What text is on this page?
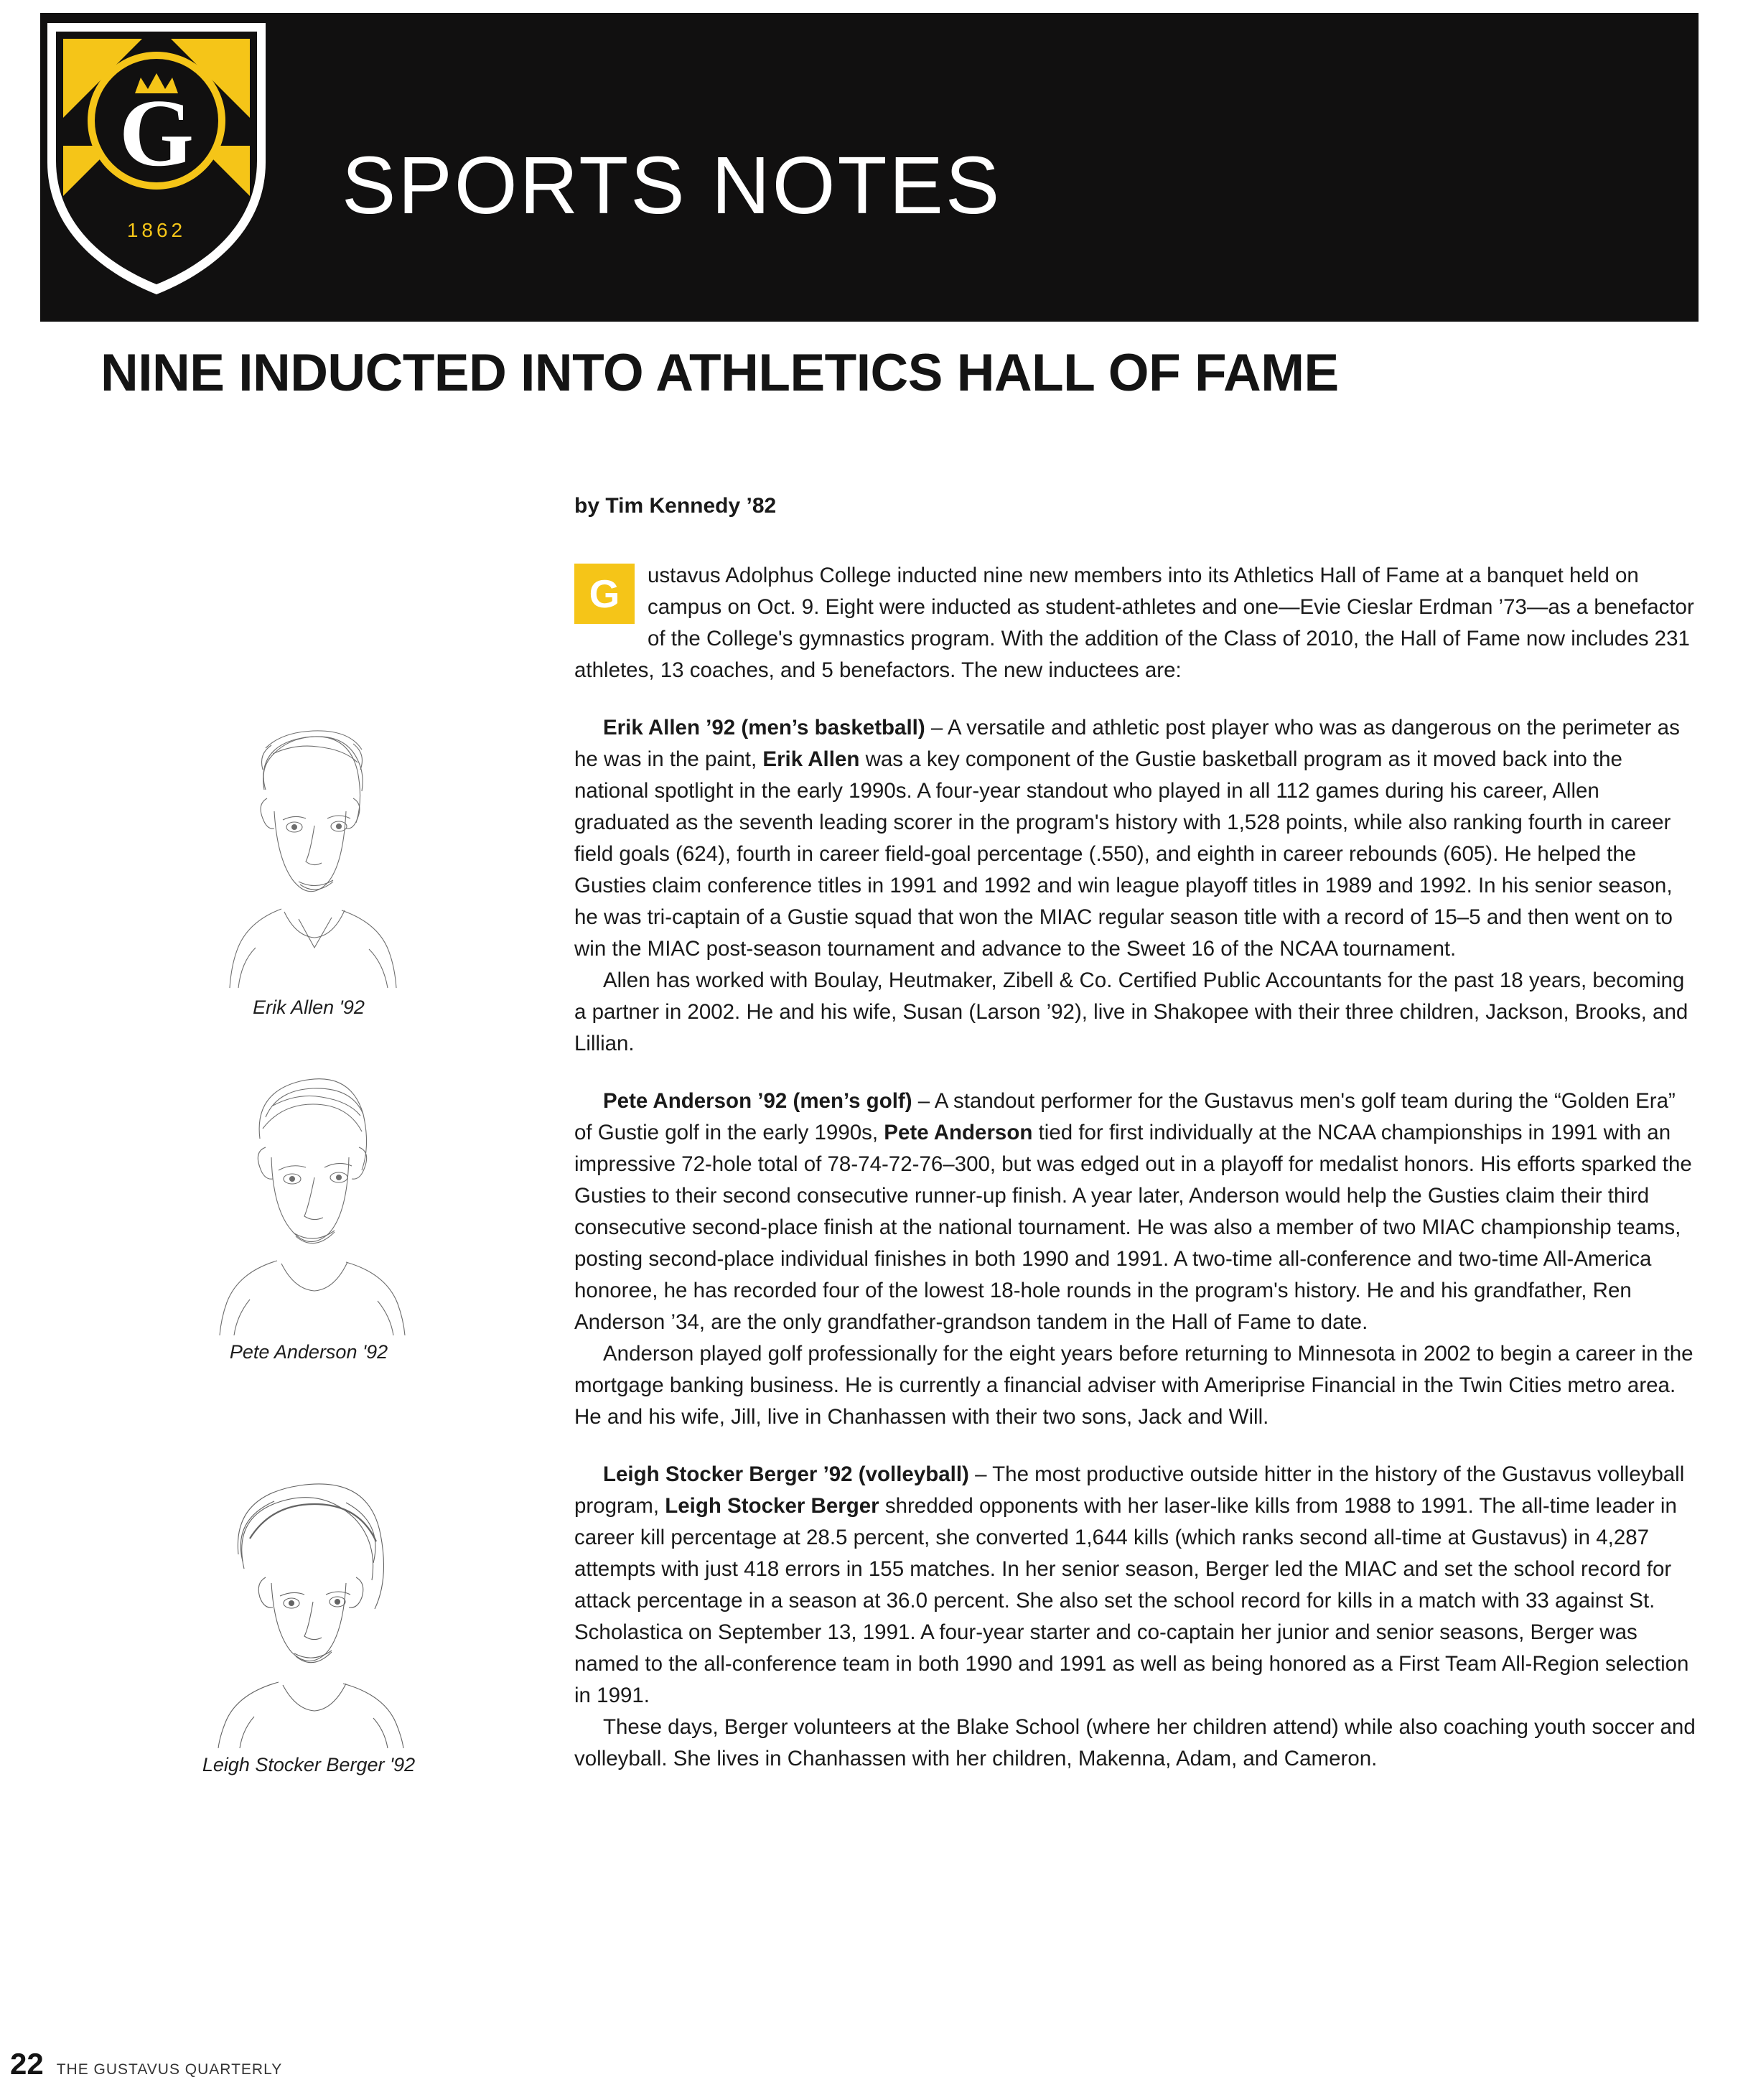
SPORTS NOTES
G
1862
NINE INDUCTED INTO ATHLETICS HALL OF FAME
by Tim Kennedy ’82
Erik Allen '92
Pete Anderson '92
Leigh Stocker Berger '92

G	ustavus Adolphus College inducted nine new members into its Athletics Hall of Fame at a banquet held on campus on Oct. 9. Eight were inducted as student-athletes and one—Evie Cieslar Erdman ’73—as a benefactor of the College's gymnastics program. With the addition of the Class of 2010, the Hall of Fame now includes 231 athletes, 13 coaches, and 5 benefactors. The new inductees are:

Erik Allen ’92 (men’s basketball) – A versatile and athletic post player who was as dangerous on the perimeter as he was in the paint, Erik Allen was a key component of the Gustie basketball program as it moved back into the national spotlight in the early 1990s. A four-year standout who played in all 112 games during his career, Allen graduated as the seventh leading scorer in the program's history with 1,528 points, while also ranking fourth in career field goals (624), fourth in career field-goal percentage (.550), and eighth in career rebounds (605). He helped the Gusties claim conference titles in 1991 and 1992 and win league playoff titles in 1989 and 1992. In his senior season, he was tri-captain of a Gustie squad that won the MIAC regular season title with a record of 15–5 and then went on to win the MIAC post-season tournament and advance to the Sweet 16 of the NCAA tournament.

Allen has worked with Boulay, Heutmaker, Zibell & Co. Certified Public Accountants for the past 18 years, becoming a partner in 2002. He and his wife, Susan (Larson ’92), live in Shakopee with their three children, Jackson, Brooks, and Lillian.

Pete Anderson ’92 (men’s golf) – A standout performer for the Gustavus men's golf team during the “Golden Era” of Gustie golf in the early 1990s, Pete Anderson tied for first individually at the NCAA championships in 1991 with an impressive 72-hole total of 78-74-72-76–300, but was edged out in a playoff for medalist honors. His efforts sparked the Gusties to their second consecutive runner-up finish. A year later, Anderson would help the Gusties claim their third consecutive second-place finish at the national tournament. He was also a member of two MIAC championship teams, posting second-place individual finishes in both 1990 and 1991. A two-time all-conference and two-time All-America honoree, he has recorded four of the lowest 18-hole rounds in the program's history. He and his grandfather, Ren Anderson ’34, are the only grandfather-grandson tandem in the Hall of Fame to date.

Anderson played golf professionally for the eight years before returning to Minnesota in 2002 to begin a career in the mortgage banking business. He is currently a financial adviser with Ameriprise Financial in the Twin Cities metro area. He and his wife, Jill, live in Chanhassen with their two sons, Jack and Will.

Leigh Stocker Berger ’92 (volleyball) – The most productive outside hitter in the history of the Gustavus volleyball program, Leigh Stocker Berger shredded opponents with her laser-like kills from 1988 to 1991. The all-time leader in career kill percentage at 28.5 percent, she converted 1,644 kills (which ranks second all-time at Gustavus) in 4,287 attempts with just 418 errors in 155 matches. In her senior season, Berger led the MIAC and set the school record for attack percentage in a season at 36.0 percent. She also set the school record for kills in a match with 33 against St. Scholastica on September 13, 1991. A four-year starter and co-captain her junior and senior seasons, Berger was named to the all-conference team in both 1990 and 1991 as well as being honored as a First Team All-Region selection in 1991.

These days, Berger volunteers at the Blake School (where her children attend) while also coaching youth soccer and volleyball. She lives in Chanhassen with her children, Makenna, Adam, and Cameron.

22 THE GUSTAVUS QUARTERLY
